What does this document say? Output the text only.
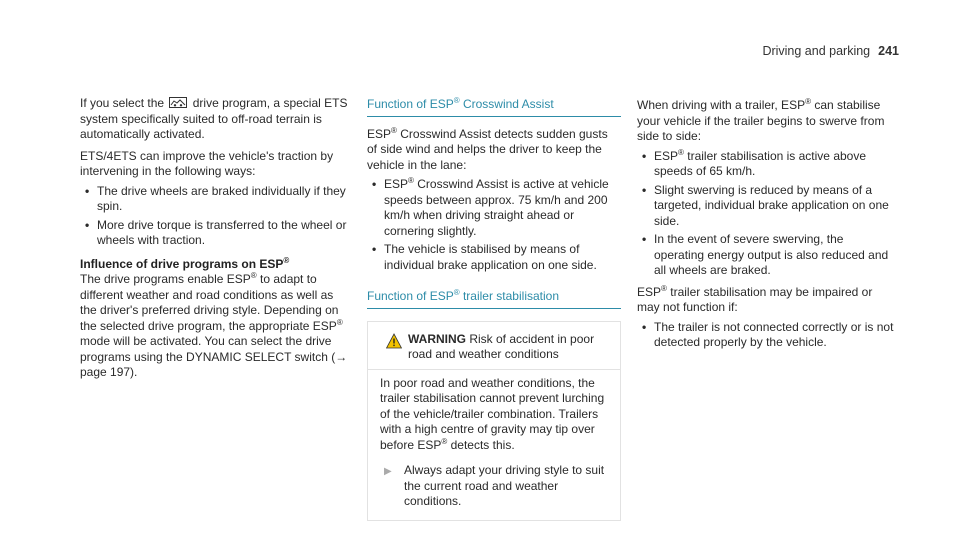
Driving and parking 241

If you select the drive program, a special ETS system specifically suited to off-road terrain is automatically activated.

ETS/4ETS can improve the vehicle's traction by intervening in the following ways:

• The drive wheels are braked individually if they spin.
• More drive torque is transferred to the wheel or wheels with traction.

Influence of drive programs on ESP®

The drive programs enable ESP® to adapt to different weather and road conditions as well as the driver's preferred driving style. Depending on the selected drive program, the appropriate ESP® mode will be activated. You can select the drive programs using the DYNAMIC SELECT switch (→ page 197).

Function of ESP® Crosswind Assist

ESP® Crosswind Assist detects sudden gusts of side wind and helps the driver to keep the vehicle in the lane:

• ESP® Crosswind Assist is active at vehicle speeds between approx. 75 km/h and 200 km/h when driving straight ahead or cornering slightly.
• The vehicle is stabilised by means of individual brake application on one side.
Function of ESP® trailer stabilisation
WARNING Risk of accident in poor road and weather conditions

In poor road and weather conditions, the trailer stabilisation cannot prevent lurching of the vehicle/trailer combination. Trailers with a high centre of gravity may tip over before ESP® detects this.

▶	Always adapt your driving style to suit the current road and weather conditions.

When driving with a trailer, ESP® can stabilise your vehicle if the trailer begins to swerve from side to side:

• ESP® trailer stabilisation is active above speeds of 65 km/h.
• Slight swerving is reduced by means of a targeted, individual brake application on one side.
• In the event of severe swerving, the operating energy output is also reduced and all wheels are braked.

ESP® trailer stabilisation may be impaired or may not function if:

• The trailer is not connected correctly or is not detected properly by the vehicle.
